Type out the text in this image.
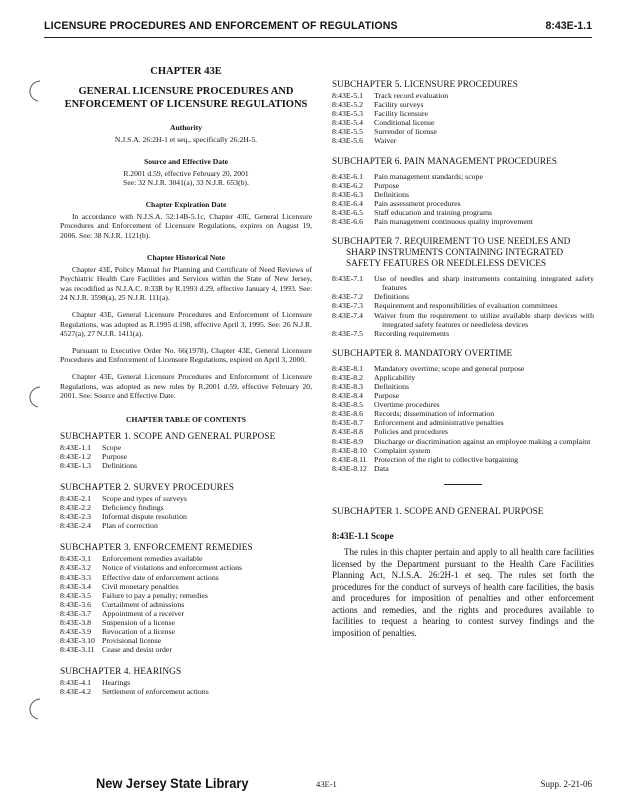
LICENSURE PROCEDURES AND ENFORCEMENT OF REGULATIONS	8:43E-1.1
CHAPTER 43E
GENERAL LICENSURE PROCEDURES AND ENFORCEMENT OF LICENSURE REGULATIONS
Authority
N.J.S.A. 26:2H-1 et seq., specifically 26:2H-5.
Source and Effective Date
R.2001 d.59, effective February 20, 2001
See: 32 N.J.R. 3041(a), 33 N.J.R. 653(b).
Chapter Expiration Date
In accordance with N.J.S.A. 52:14B-5.1c, Chapter 43E, General Licensure Procedures and Enforcement of Licensure Regulations, expires on August 19, 2006. See: 38 N.J.R. 1121(b).
Chapter Historical Note
Chapter 43E, Policy Manual for Planning and Certificate of Need Reviews of Psychiatric Health Care Facilities and Services within the State of New Jersey, was recodified as N.J.A.C. 8:33R by R.1993 d.29, effective January 4, 1993. See: 24 N.J.R. 3598(a), 25 N.J.R. 111(a).
Chapter 43E, General Licensure Procedures and Enforcement of Licensure Regulations, was adopted as R.1995 d.198, effective April 3, 1995. See: 26 N.J.R. 4527(a), 27 N.J.R. 1411(a).
Pursuant to Executive Order No. 66(1978), Chapter 43E, General Licensure Procedures and Enforcement of Licensure Regulations, expired on April 3, 2000.
Chapter 43E, General Licensure Procedures and Enforcement of Licensure Regulations, was adopted as new rules by R.2001 d.59, effective February 20, 2001. See: Source and Effective Date.
CHAPTER TABLE OF CONTENTS
SUBCHAPTER 1. SCOPE AND GENERAL PURPOSE
8:43E-1.1 Scope
8:43E-1.2 Purpose
8:43E-1.3 Definitions
SUBCHAPTER 2. SURVEY PROCEDURES
8:43E-2.1 Scope and types of surveys
8:43E-2.2 Deficiency findings
8:43E-2.3 Informal dispute resolution
8:43E-2.4 Plan of correction
SUBCHAPTER 3. ENFORCEMENT REMEDIES
8:43E-3.1 Enforcement remedies available
8:43E-3.2 Notice of violations and enforcement actions
8:43E-3.3 Effective date of enforcement actions
8:43E-3.4 Civil monetary penalties
8:43E-3.5 Failure to pay a penalty; remedies
8:43E-3.6 Curtailment of admissions
8:43E-3.7 Appointment of a receiver
8:43E-3.8 Suspension of a license
8:43E-3.9 Revocation of a license
8:43E-3.10 Provisional license
8:43E-3.11 Cease and desist order
SUBCHAPTER 4. HEARINGS
8:43E-4.1 Hearings
8:43E-4.2 Settlement of enforcement actions
SUBCHAPTER 5. LICENSURE PROCEDURES
8:43E-5.1 Track record evaluation
8:43E-5.2 Facility surveys
8:43E-5.3 Facility licensure
8:43E-5.4 Conditional license
8:43E-5.5 Surrender of license
8:43E-5.6 Waiver
SUBCHAPTER 6. PAIN MANAGEMENT PROCEDURES
8:43E-6.1 Pain management standards; scope
8:43E-6.2 Purpose
8:43E-6.3 Definitions
8:43E-6.4 Pain assessment procedures
8:43E-6.5 Staff education and training programs
8:43E-6.6 Pain management continuous quality improvement
SUBCHAPTER 7. REQUIREMENT TO USE NEEDLES AND
SHARP INSTRUMENTS CONTAINING INTEGRATED SAFETY FEATURES OR NEEDLELESS DEVICES
8:43E-7.1 Use of needles and sharp instruments containing integrated safety features
8:43E-7.2 Definitions
8:43E-7.3 Requirement and responsibilities of evaluation committees
8:43E-7.4 Waiver from the requirement to utilize available sharp devices with integrated safety features or needleless devices
8:43E-7.5 Recording requirements
SUBCHAPTER 8. MANDATORY OVERTIME
8:43E-8.1 Mandatory overtime; scope and general purpose
8:43E-8.2 Applicability
8:43E-8.3 Definitions
8:43E-8.4 Purpose
8:43E-8.5 Overtime procedures
8:43E-8.6 Records; dissemination of information
8:43E-8.7 Enforcement and administrative penalties
8:43E-8.8 Policies and procedures
8:43E-8.9 Discharge or discrimination against an employee making a complaint
8:43E-8.10 Complaint system
8:43E-8.11 Protection of the right to collective bargaining
8:43E-8.12 Data
SUBCHAPTER 1. SCOPE AND GENERAL PURPOSE
8:43E-1.1 Scope
The rules in this chapter pertain and apply to all health care facilities licensed by the Department pursuant to the Health Care Facilities Planning Act, N.J.S.A. 26:2H-1 et seq. The rules set forth the procedures for the conduct of surveys of health care facilities, the basis and procedures for imposition of penalties and other enforcement actions and remedies, and the rights and procedures available to facilities to request a hearing to contest survey findings and the imposition of penalties.
New Jersey State Library	43E-1	Supp. 2-21-06
